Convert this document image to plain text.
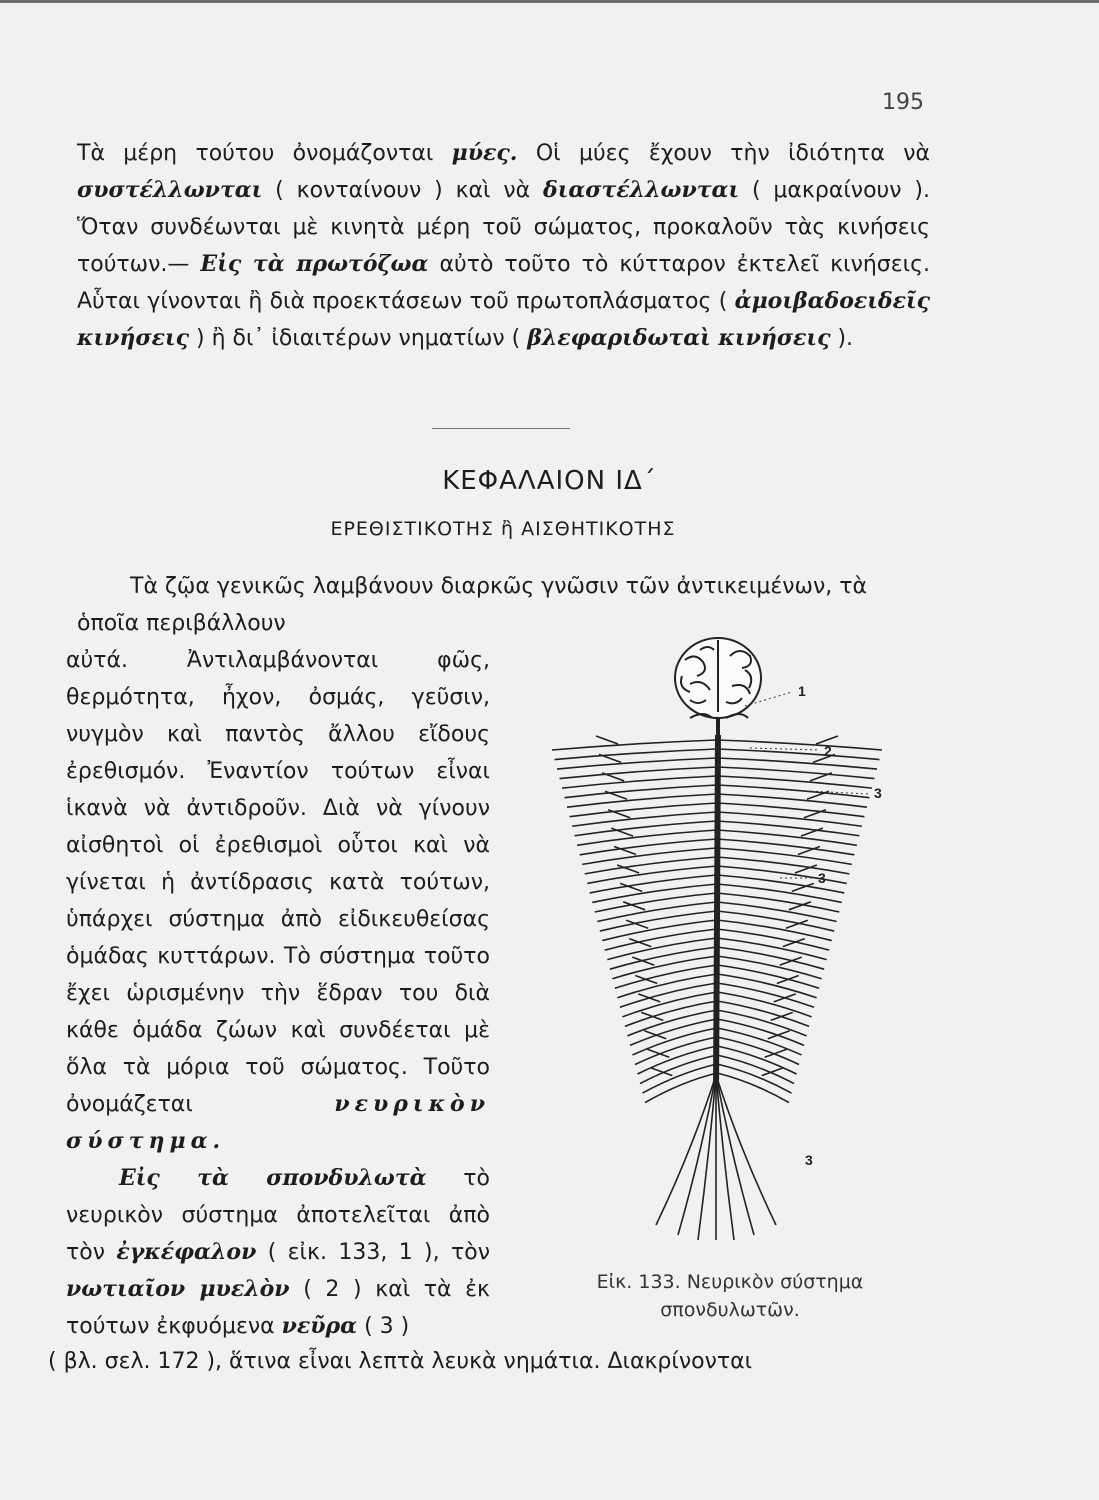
195

Τὰ μέρη τούτου ὀνομάζονται μύες. Οἱ μύες ἔχουν τὴν ἰδιότητα νὰ συστέλλωνται ( κονταίνουν ) καὶ νὰ διαστέλλωνται ( μακραίνουν ). Ὅταν συνδέωνται μὲ κινητὰ μέρη τοῦ σώματος, προκαλοῦν τὰς κινήσεις τούτων.— Εἰς τὰ πρωτόζωα αὐτὸ τοῦτο τὸ κύτταρον ἐκτελεῖ κινήσεις. Αὗται γίνονται ἢ διὰ προεκτάσεων τοῦ πρωτοπλάσματος ( ἀμοιβαδοειδεῖς κινήσεις ) ἢ δι᾿ ἰδιαιτέρων νηματίων ( βλεφαριδωταὶ κινήσεις ).

ΚΕΦΑΛΑΙΟΝ ΙΔ΄
ΕΡΕΘΙΣΤΙΚΟΤΗΣ ἢ ΑΙΣΘΗΤΙΚΟΤΗΣ

Τὰ ζῷα γενικῶς λαμβάνουν διαρκῶς γνῶσιν τῶν ἀντικειμένων, τὰ ὁποῖα περιβάλλουν

αὐτά. Ἀντιλαμβάνονται φῶς, θερμότητα, ἦχον, ὀσμάς, γεῦσιν, νυγμὸν καὶ παντὸς ἄλλου εἴδους ἐρεθισμόν. Ἐναντίον τούτων εἶναι ἱκανὰ νὰ ἀντιδροῦν. Διὰ νὰ γίνουν αἰσθητοὶ οἱ ἐρεθισμοὶ οὗτοι καὶ νὰ γίνεται ἡ ἀντίδρασις κατὰ τούτων, ὑπάρχει σύστημα ἀπὸ εἰδικευθείσας ὁμάδας κυττάρων. Τὸ σύστημα τοῦτο ἔχει ὡρισμένην τὴν ἕδραν του διὰ κάθε ὁμάδα ζώων καὶ συνδέεται μὲ ὅλα τὰ μόρια τοῦ σώματος. Τοῦτο ὀνομάζεται νευρικὸν σύστημα.

Εἰς τὰ σπονδυλωτὰ τὸ νευρικὸν σύστημα ἀποτελεῖται ἀπὸ τὸν ἐγκέφαλον ( εἰκ. 133, 1 ), τὸν νωτιαῖον μυελὸν ( 2 ) καὶ τὰ ἐκ τούτων ἐκφυόμενα νεῦρα ( 3 )

( βλ. σελ. 172 ), ἅτινα εἶναι λεπτὰ λευκὰ νημάτια. Διακρίνονται
1
2
3
3
3

Εἰκ. 133. Νευρικὸν σύστημα

σπονδυλωτῶν.
